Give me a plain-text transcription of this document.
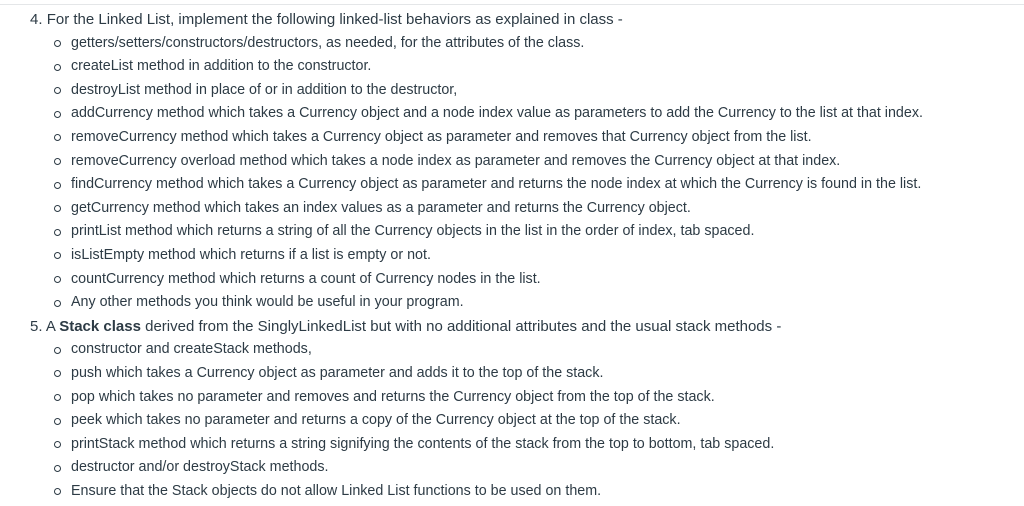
4. For the Linked List, implement the following linked-list behaviors as explained in class -
getters/setters/constructors/destructors, as needed, for the attributes of the class.
createList method in addition to the constructor.
destroyList method in place of or in addition to the destructor,
addCurrency method which takes a Currency object and a node index value as parameters to add the Currency to the list at that index.
removeCurrency method which takes a Currency object as parameter and removes that Currency object from the list.
removeCurrency overload method which takes a node index as parameter and removes the Currency object at that index.
findCurrency method which takes a Currency object as parameter and returns the node index at which the Currency is found in the list.
getCurrency method which takes an index values as a parameter and returns the Currency object.
printList method which returns a string of all the Currency objects in the list in the order of index, tab spaced.
isListEmpty method which returns if a list is empty or not.
countCurrency method which returns a count of Currency nodes in the list.
Any other methods you think would be useful in your program.
5. A Stack class derived from the SinglyLinkedList but with no additional attributes and the usual stack methods -
constructor and createStack methods,
push which takes a Currency object as parameter and adds it to the top of the stack.
pop which takes no parameter and removes and returns the Currency object from the top of the stack.
peek which takes no parameter and returns a copy of the Currency object at the top of the stack.
printStack method which returns a string signifying the contents of the stack from the top to bottom, tab spaced.
destructor and/or destroyStack methods.
Ensure that the Stack objects do not allow Linked List functions to be used on them.
